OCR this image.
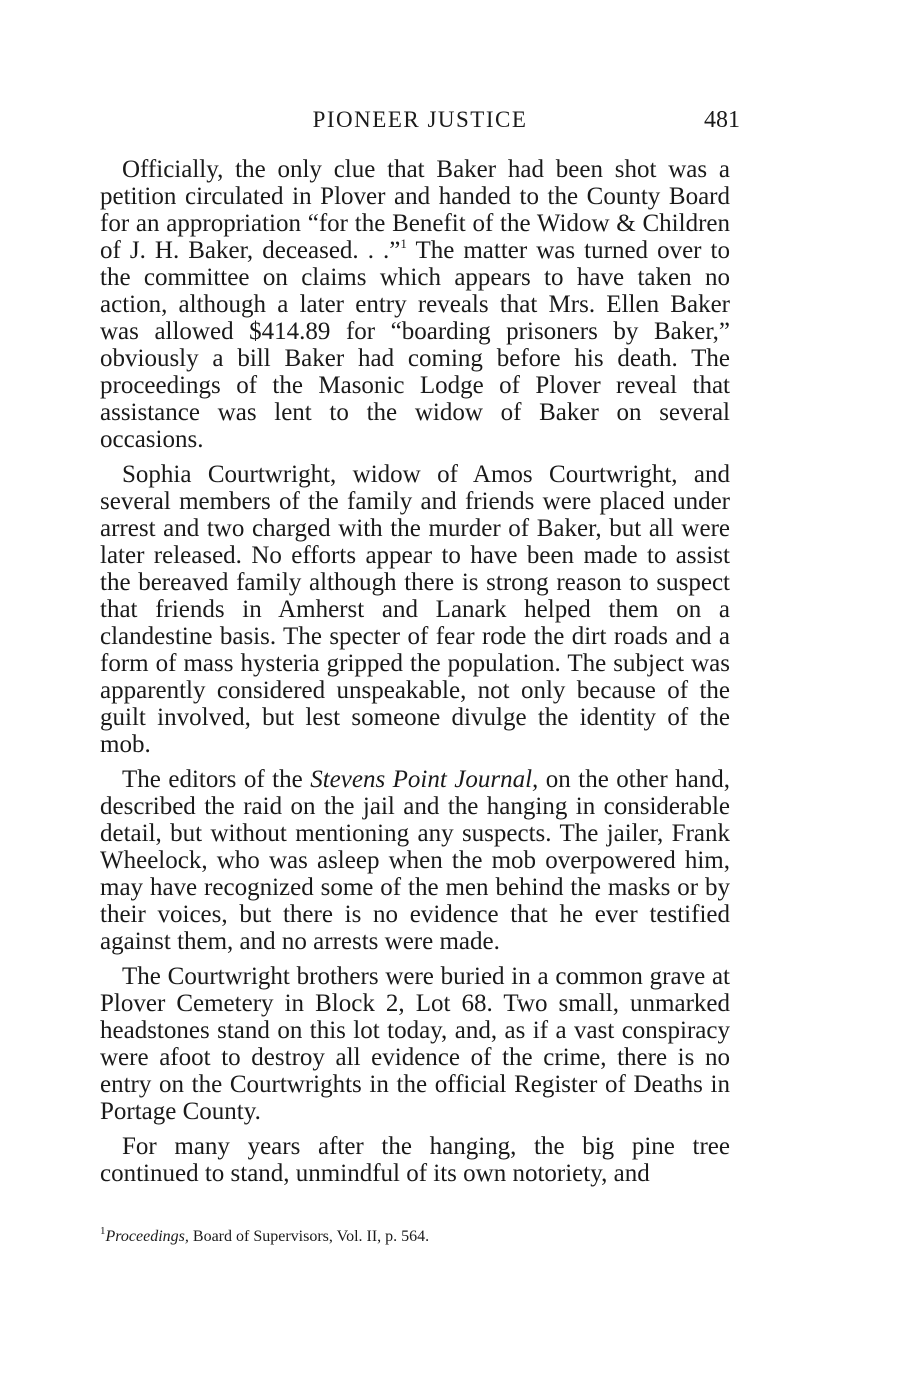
PIONEER JUSTICE	481

Officially, the only clue that Baker had been shot was a petition circulated in Plover and handed to the County Board for an appropriation “for the Benefit of the Widow & Children of J. H. Baker, deceased. . .”$^1$ The matter was turned over to the committee on claims which appears to have taken no action, although a later entry reveals that Mrs. Ellen Baker was allowed $414.89 for “boarding prisoners by Baker,” obviously a bill Baker had coming before his death. The proceedings of the Masonic Lodge of Plover reveal that assistance was lent to the widow of Baker on several occasions.

Sophia Courtwright, widow of Amos Courtwright, and several members of the family and friends were placed under arrest and two charged with the murder of Baker, but all were later released. No efforts appear to have been made to assist the bereaved family although there is strong reason to suspect that friends in Amherst and Lanark helped them on a clandestine basis. The specter of fear rode the dirt roads and a form of mass hysteria gripped the population. The subject was apparently considered unspeakable, not only because of the guilt involved, but lest someone divulge the identity of the mob.

The editors of the Stevens Point Journal, on the other hand, described the raid on the jail and the hanging in considerable detail, but without mentioning any suspects. The jailer, Frank Wheelock, who was asleep when the mob overpowered him, may have recognized some of the men behind the masks or by their voices, but there is no evidence that he ever testified against them, and no arrests were made.

The Courtwright brothers were buried in a common grave at Plover Cemetery in Block 2, Lot 68. Two small, unmarked headstones stand on this lot today, and, as if a vast conspiracy were afoot to destroy all evidence of the crime, there is no entry on the Courtwrights in the official Register of Deaths in Portage County.

For many years after the hanging, the big pine tree continued to stand, unmindful of its own notoriety, and

$^1$Proceedings, Board of Supervisors, Vol. II, p. 564.
